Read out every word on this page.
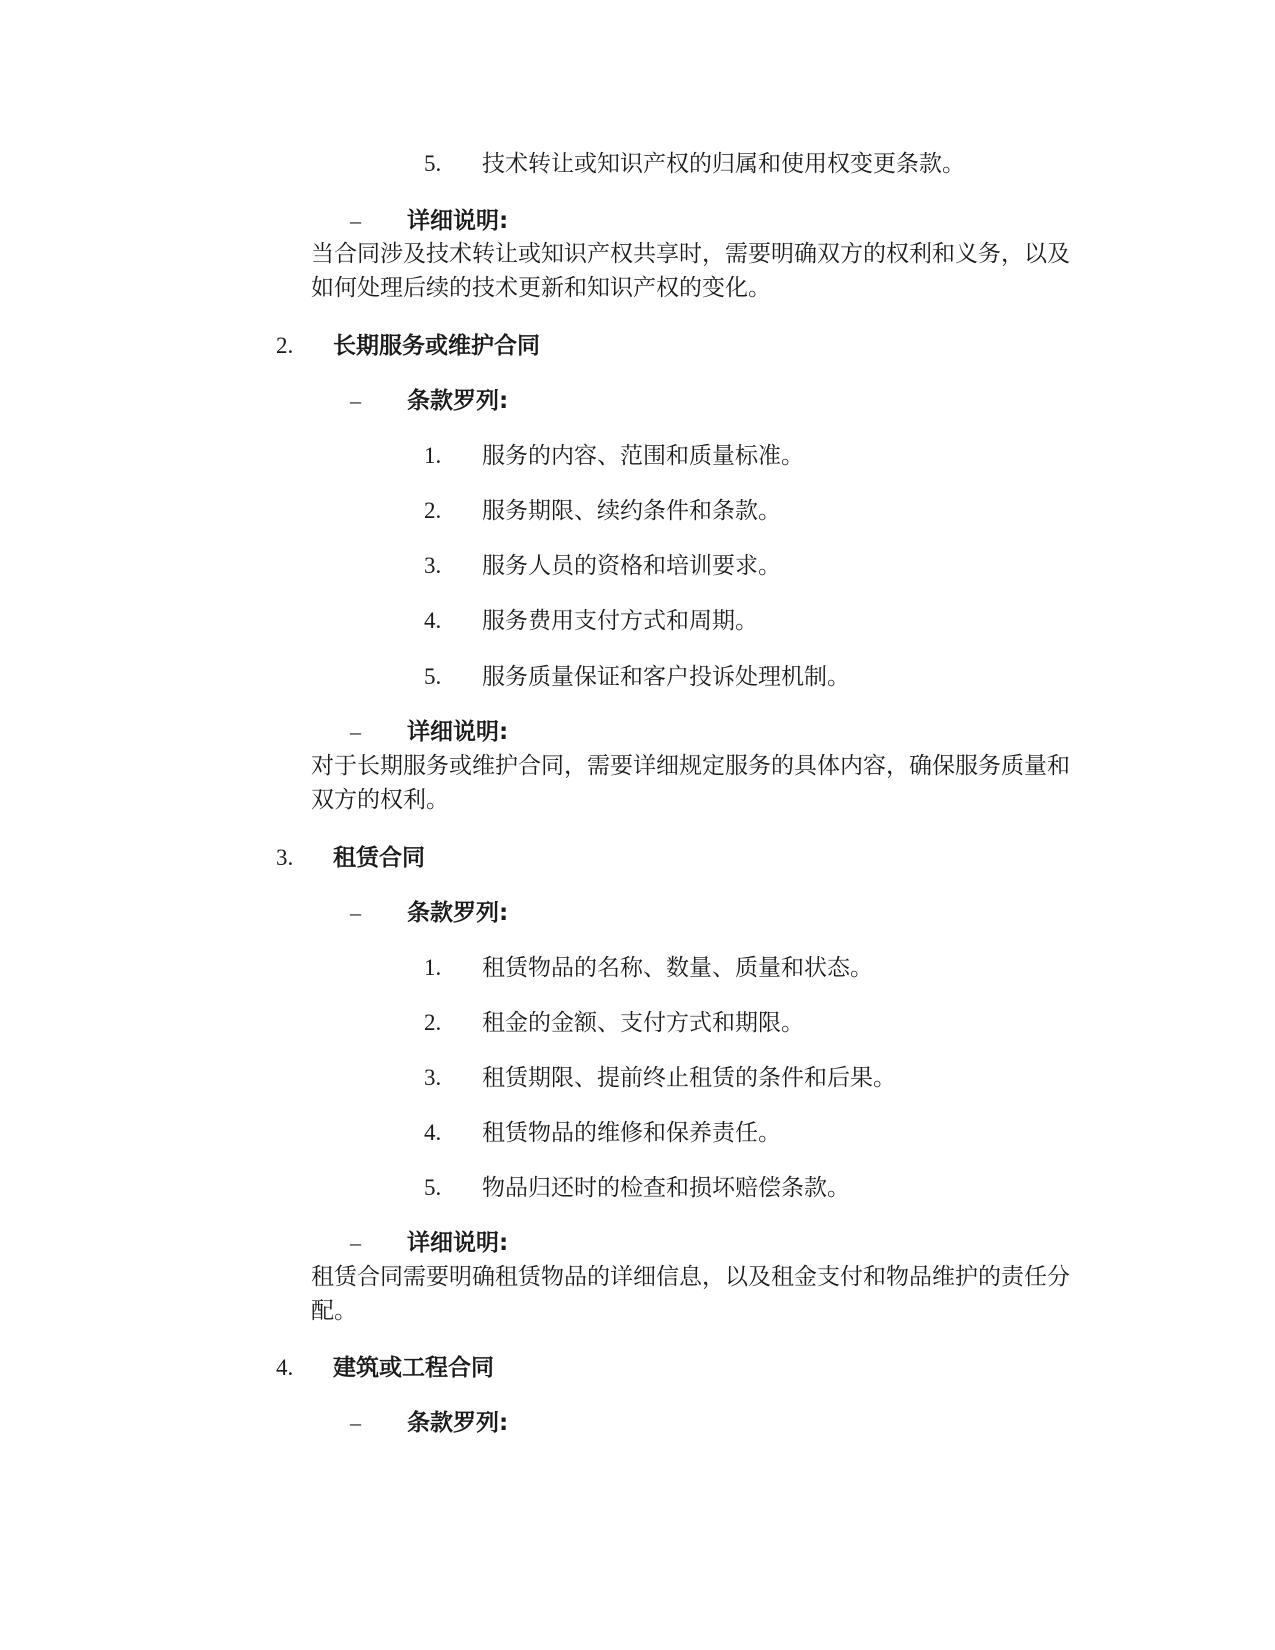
5. 技术转让或知识产权的归属和使用权变更条款。
– 详细说明:
当合同涉及技术转让或知识产权共享时，需要明确双方的权利和义务，以及如何处理后续的技术更新和知识产权的变化。
2. 长期服务或维护合同
– 条款罗列:
1. 服务的内容、范围和质量标准。
2. 服务期限、续约条件和条款。
3. 服务人员的资格和培训要求。
4. 服务费用支付方式和周期。
5. 服务质量保证和客户投诉处理机制。
– 详细说明:
对于长期服务或维护合同，需要详细规定服务的具体内容，确保服务质量和双方的权利。
3. 租赁合同
– 条款罗列:
1. 租赁物品的名称、数量、质量和状态。
2. 租金的金额、支付方式和期限。
3. 租赁期限、提前终止租赁的条件和后果。
4. 租赁物品的维修和保养责任。
5. 物品归还时的检查和损坏赔偿条款。
– 详细说明:
租赁合同需要明确租赁物品的详细信息，以及租金支付和物品维护的责任分配。
4. 建筑或工程合同
– 条款罗列:
